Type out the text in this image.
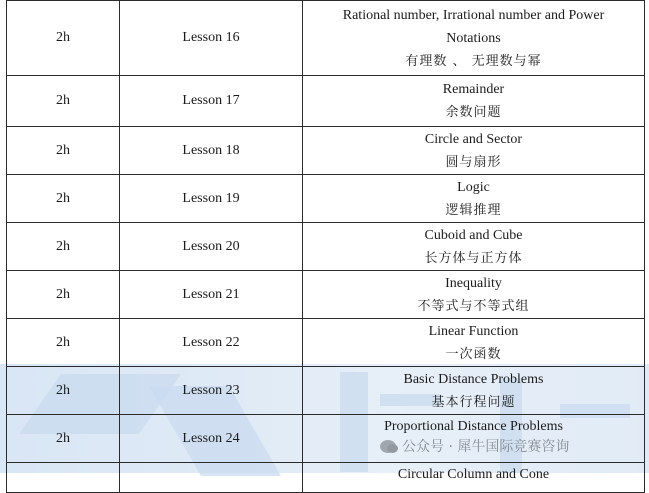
2h	Lesson 16	Rational number, Irrational number and Power Notations
有理数 、 无理数与幂

2h	Lesson 17	Remainder
余数问题

2h	Lesson 18	Circle and Sector
圆与扇形

2h	Lesson 19	Logic
逻辑推理

2h	Lesson 20	Cuboid and Cube
长方体与正方体

2h	Lesson 21	Inequality
不等式与不等式组

2h	Lesson 22	Linear Function
一次函数

2h	Lesson 23	Basic Distance Problems
基本行程问题

2h	Lesson 24	Proportional Distance Problems

		Circular Column and Cone
公众号 · 犀牛国际竞赛咨询
